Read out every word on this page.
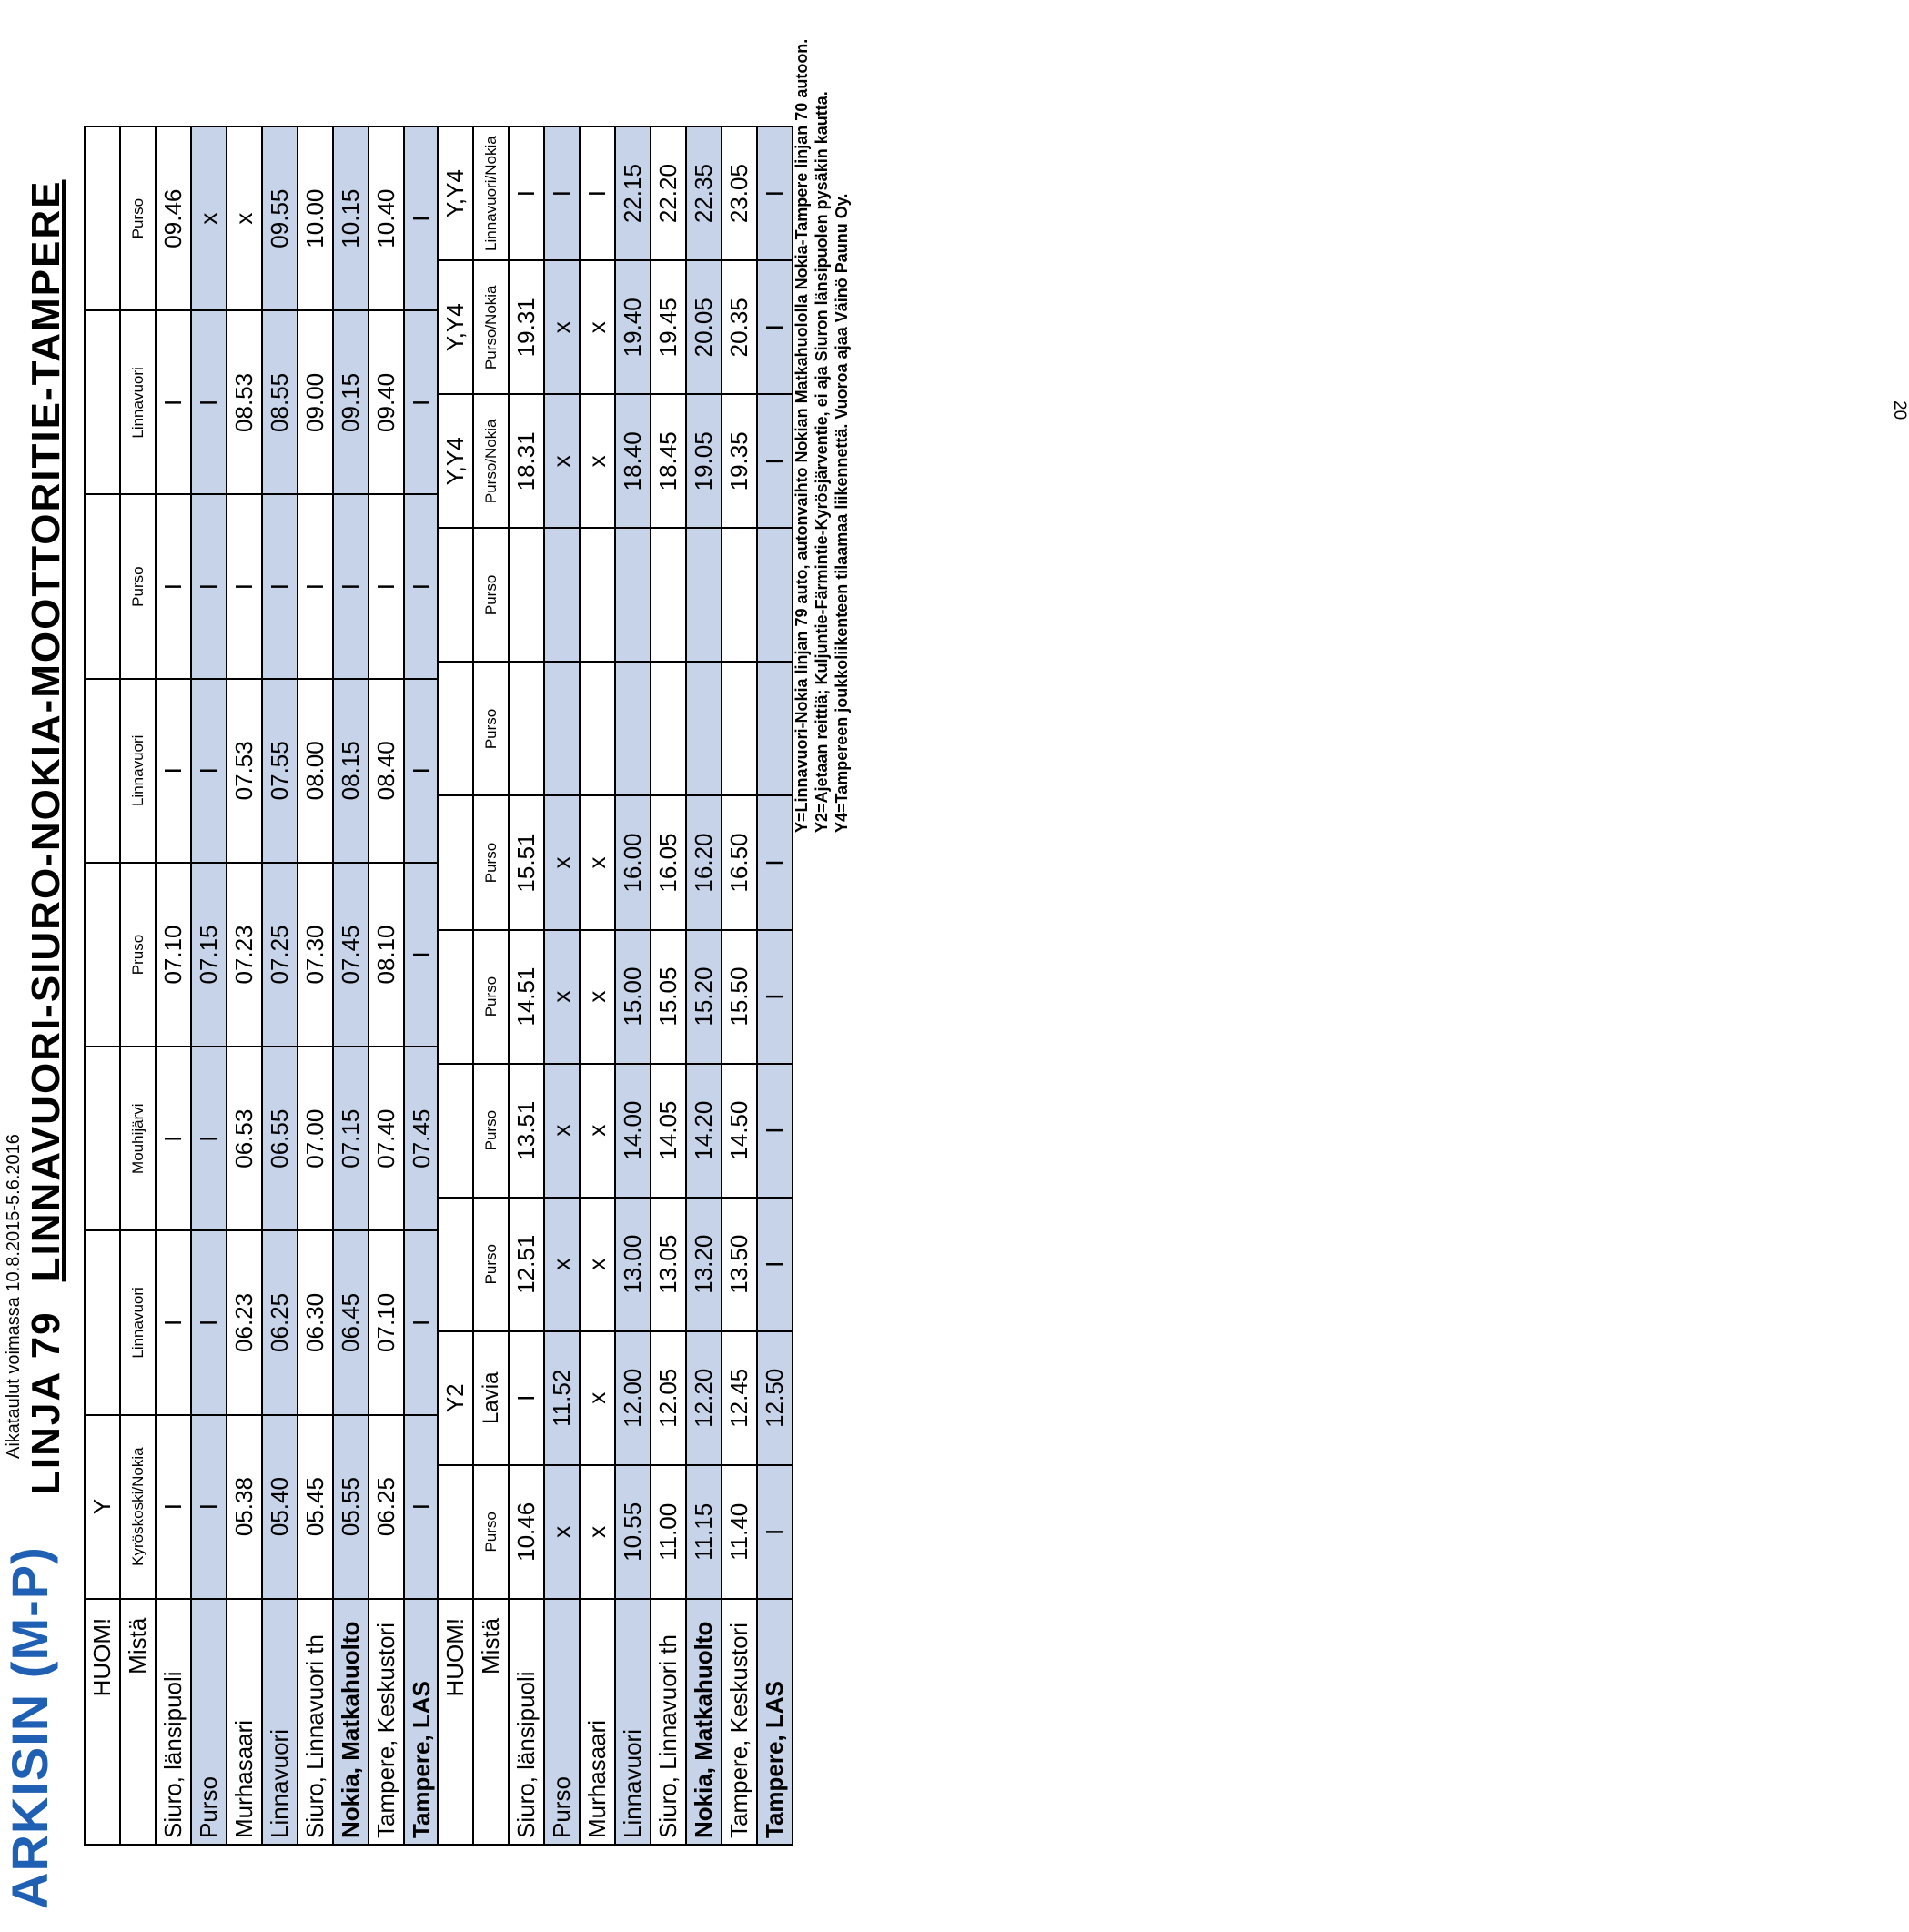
ARKISIN (M-P)
Aikataulut voimassa 10.8.2015-5.6.2016 LINJA 79LINNAVUORI-SIURO-NOKIA-MOOTTORITIE-TAMPERE
HUOM!	Y							
Mistä	Kyröskoski/Nokia	Linnavuori	Mouhijärvi	Pruso	Linnavuori	Purso	Linnavuori	Purso
Siuro, länsipuoli	I	I	I	07.10	I	I	I	09.46
Purso	I	I	I	07.15	I	I	I	x
Murhasaari	05.38	06.23	06.53	07.23	07.53	I	08.53	x
Linnavuori	05.40	06.25	06.55	07.25	07.55	I	08.55	09.55
Siuro, Linnavuori th	05.45	06.30	07.00	07.30	08.00	I	09.00	10.00
Nokia, Matkahuolto	05.55	06.45	07.15	07.45	08.15	I	09.15	10.15
Tampere, Keskustori	06.25	07.10	07.40	08.10	08.40	I	09.40	10.40
Tampere, LAS	I	I	07.45	I	I	I	I	I
HUOM!		Y2							Y,Y4	Y,Y4	Y,Y4
Mistä	Purso	Lavia	Purso	Purso	Purso	Purso	Purso	Purso	Purso/Nokia	Purso/Nokia	Linnavuori/Nokia
Siuro, länsipuoli	10.46	I	12.51	13.51	14.51	15.51			18.31	19.31	I
Purso	x	11.52	x	x	x	x			x	x	I
Murhasaari	x	x	x	x	x	x			x	x	I
Linnavuori	10.55	12.00	13.00	14.00	15.00	16.00			18.40	19.40	22.15
Siuro, Linnavuori th	11.00	12.05	13.05	14.05	15.05	16.05			18.45	19.45	22.20
Nokia, Matkahuolto	11.15	12.20	13.20	14.20	15.20	16.20			19.05	20.05	22.35
Tampere, Keskustori	11.40	12.45	13.50	14.50	15.50	16.50			19.35	20.35	23.05
Tampere, LAS	I	12.50	I	I	I	I			I	I	I Y=Linnavuori-Nokia linjan 79 auto, autonvaihto Nokian Matkahuololla Nokia-Tampere linjan 70 autoon. Y2=Ajetaan reittiä; Kuljuntie-Färmintie-Kyrösjärventie, ei aja Siuron länsipuolen pysäkin kautta. Y4=Tampereen joukkoliikenteen tilaamaa liikennettä. Vuoroa ajaa Väinö Paunu Oy.	20
